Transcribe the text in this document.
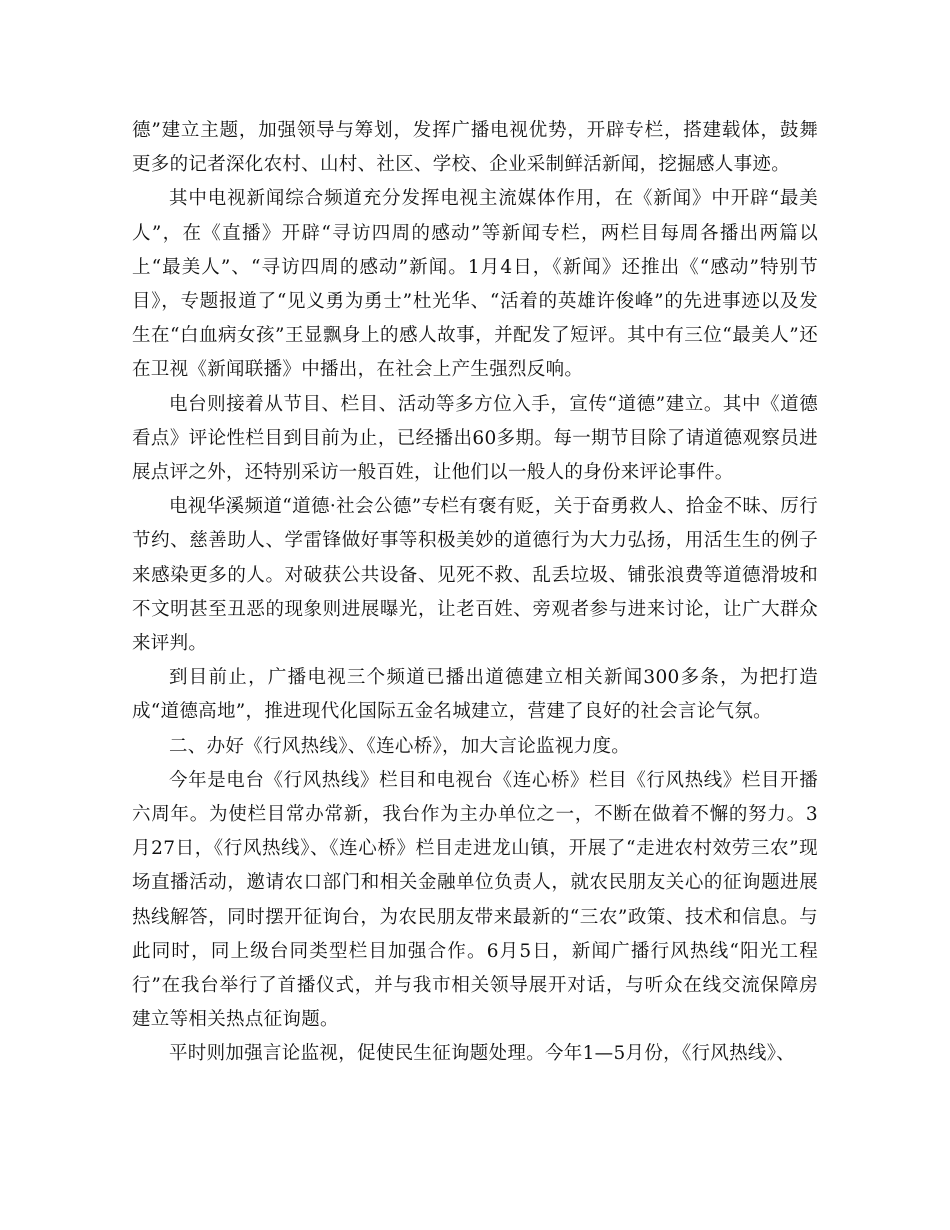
德”建立主题，加强领导与筹划，发挥广播电视优势，开辟专栏，搭建载体，鼓舞更多的记者深化农村、山村、社区、学校、企业采制鲜活新闻，挖掘感人事迹。

其中电视新闻综合频道充分发挥电视主流媒体作用，在《新闻》中开辟“最美人”，在《直播》开辟“寻访四周的感动”等新闻专栏，两栏目每周各播出两篇以上“最美人”、“寻访四周的感动”新闻。1月4日，《新闻》还推出《“感动”特别节目》，专题报道了“见义勇为勇士”杜光华、“活着的英雄许俊峰”的先进事迹以及发生在“白血病女孩”王显飘身上的感人故事，并配发了短评。其中有三位“最美人”还在卫视《新闻联播》中播出，在社会上产生强烈反响。

电台则接着从节目、栏目、活动等多方位入手，宣传“道德”建立。其中《道德看点》评论性栏目到目前为止，已经播出60多期。每一期节目除了请道德观察员进展点评之外，还特别采访一般百姓，让他们以一般人的身份来评论事件。

电视华溪频道“道德·社会公德”专栏有褒有贬，关于奋勇救人、拾金不昧、厉行节约、慈善助人、学雷锋做好事等积极美妙的道德行为大力弘扬，用活生生的例子来感染更多的人。对破获公共设备、见死不救、乱丢垃圾、铺张浪费等道德滑坡和不文明甚至丑恶的现象则进展曝光，让老百姓、旁观者参与进来讨论，让广大群众来评判。

到目前止，广播电视三个频道已播出道德建立相关新闻300多条，为把打造成“道德高地”，推进现代化国际五金名城建立，营建了良好的社会言论气氛。

二、办好《行风热线》、《连心桥》，加大言论监视力度。

今年是电台《行风热线》栏目和电视台《连心桥》栏目《行风热线》栏目开播六周年。为使栏目常办常新，我台作为主办单位之一，不断在做着不懈的努力。3月27日，《行风热线》、《连心桥》栏目走进龙山镇，开展了“走进农村效劳三农”现场直播活动，邀请农口部门和相关金融单位负责人，就农民朋友关心的征询题进展热线解答，同时摆开征询台，为农民朋友带来最新的“三农”政策、技术和信息。与此同时，同上级台同类型栏目加强合作。6月5日，新闻广播行风热线“阳光工程行”在我台举行了首播仪式，并与我市相关领导展开对话，与听众在线交流保障房建立等相关热点征询题。

平时则加强言论监视，促使民生征询题处理。今年1—5月份，《行风热线》、
